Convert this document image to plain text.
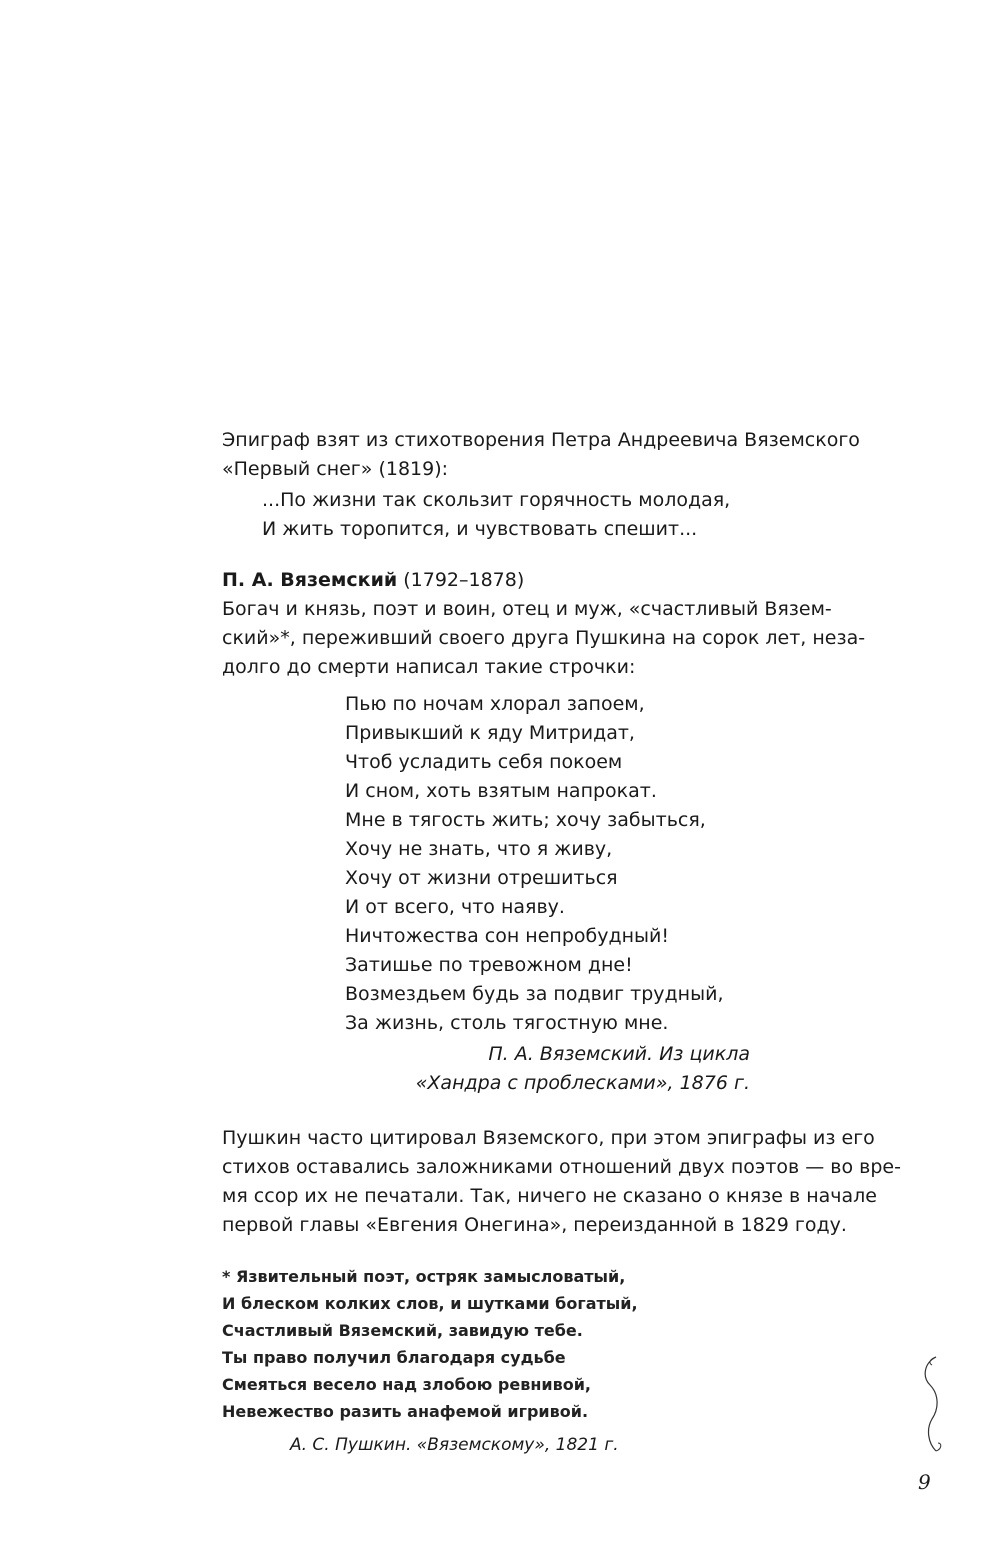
Эпиграф взят из стихотворения Петра Андреевича Вяземского
«Первый снег» (1819):
...По жизни так скользит горячность молодая,
И жить торопится, и чувствовать спешит...

П. А. Вяземский (1792–1878)

Богач и князь, поэт и воин, отец и муж, «счастливый Вязем-
ский»*, переживший своего друга Пушкина на сорок лет, неза-
долго до смерти написал такие строчки:
Пью по ночам хлорал запоем,
Привыкший к яду Митридат,
Чтоб усладить себя покоем
И сном, хоть взятым напрокат.
Мне в тягость жить; хочу забыться,
Хочу не знать, что я живу,
Хочу от жизни отрешиться
И от всего, что наяву.
Ничтожества сон непробудный!
Затишье по тревожном дне!
Возмездьем будь за подвиг трудный,
За жизнь, столь тягостную мне.
П. А. Вяземский. Из цикла
«Хандра с проблесками», 1876 г.
Пушкин часто цитировал Вяземского, при этом эпиграфы из его
стихов оставались заложниками отношений двух поэтов — во вре-
мя ссор их не печатали. Так, ничего не сказано о князе в начале
первой главы «Евгения Онегина», переизданной в 1829 году.
* Язвительный поэт, остряк замысловатый,
И блеском колких слов, и шутками богатый,
Счастливый Вяземский, завидую тебе.
Ты право получил благодаря судьбе
Смеяться весело над злобою ревнивой,
Невежество разить анафемой игривой.
А. С. Пушкин. «Вяземскому», 1821 г.
9
